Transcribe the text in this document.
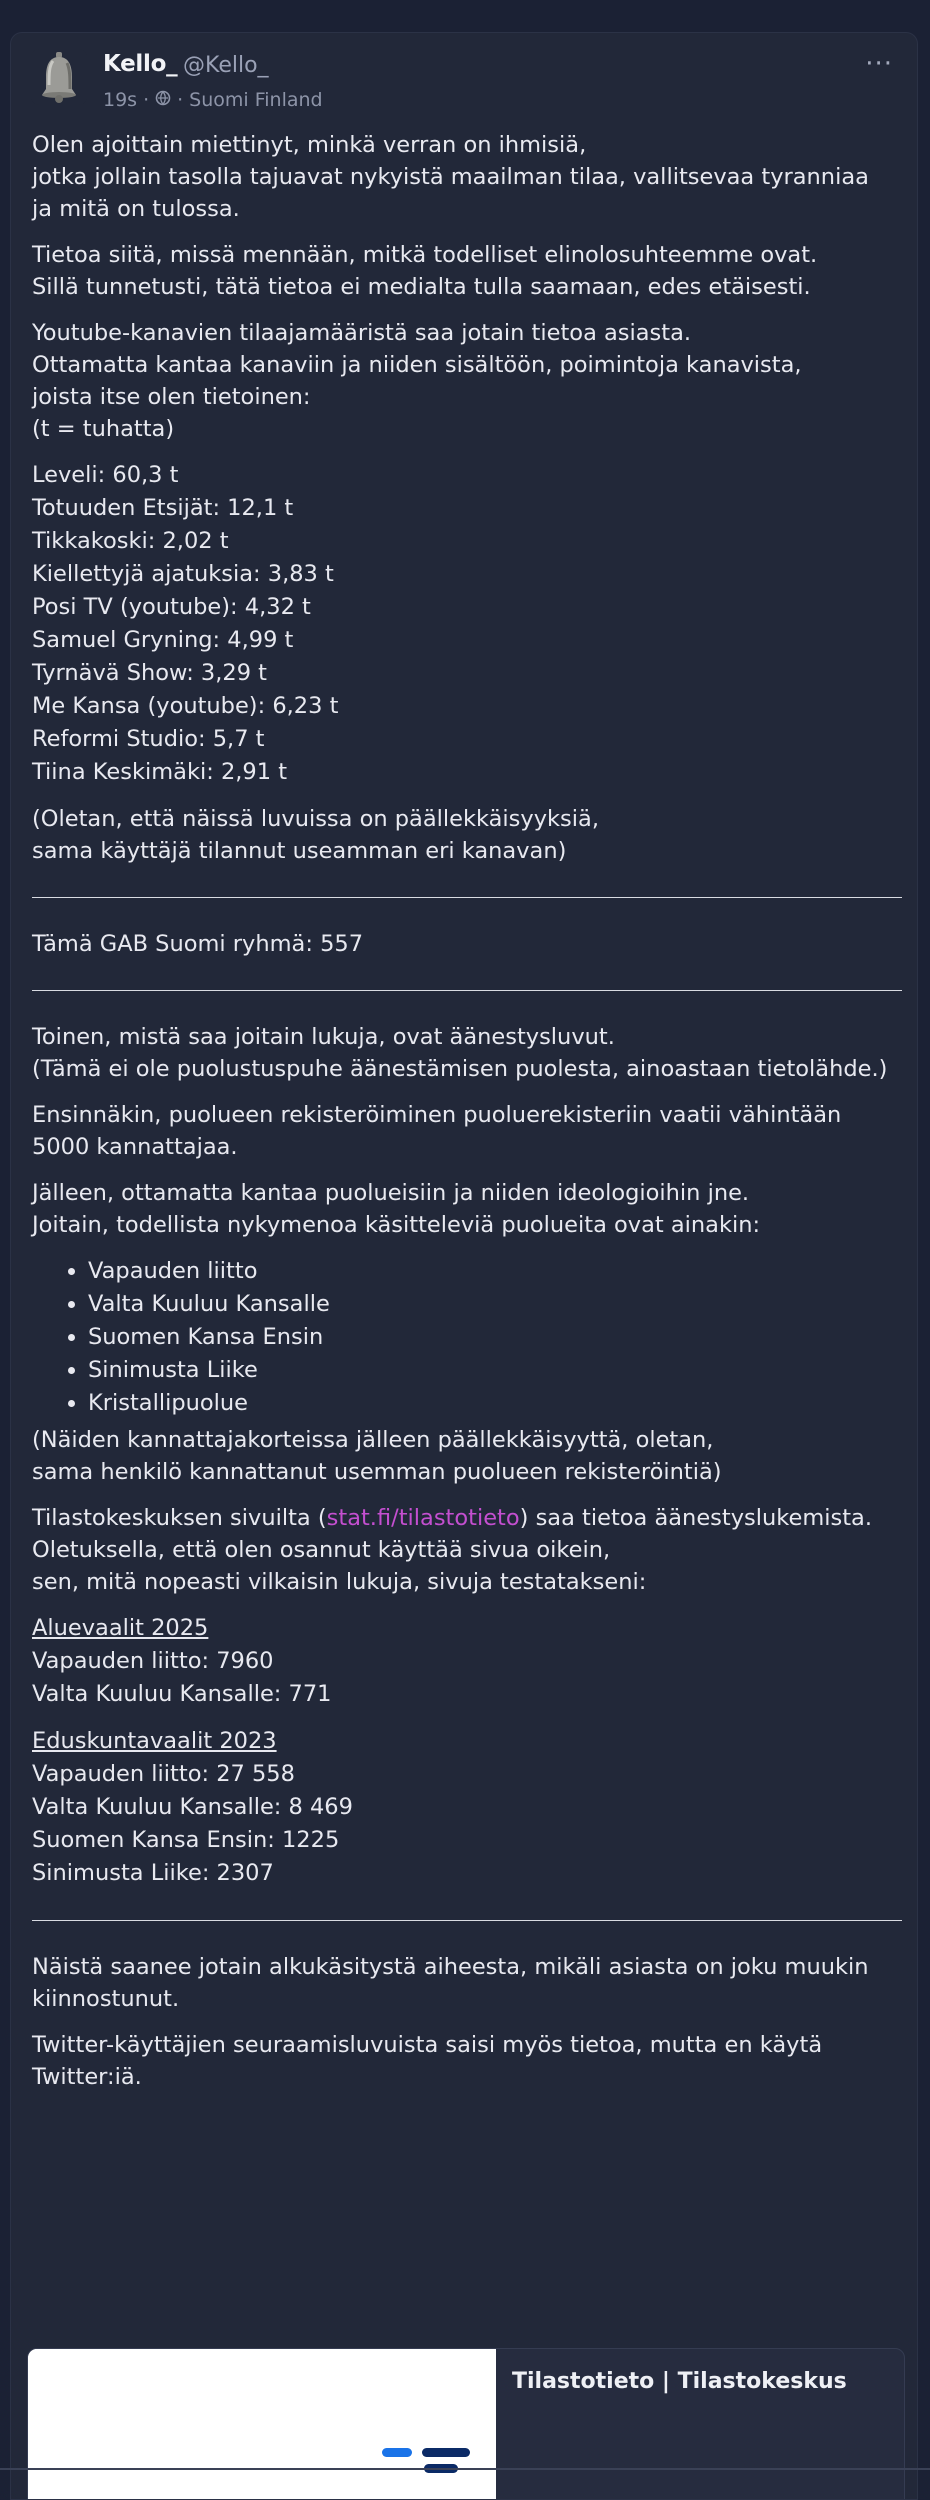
Kello_ @Kello_
19s · · Suomi Finland
···
Olen ajoittain miettinyt, minkä verran on ihmisiä,
jotka jollain tasolla tajuavat nykyistä maailman tilaa, vallitsevaa tyranniaa
ja mitä on tulossa.
Tietoa siitä, missä mennään, mitkä todelliset elinolosuhteemme ovat.
Sillä tunnetusti, tätä tietoa ei medialta tulla saamaan, edes etäisesti.
Youtube-kanavien tilaajamääristä saa jotain tietoa asiasta.
Ottamatta kantaa kanaviin ja niiden sisältöön, poimintoja kanavista,
joista itse olen tietoinen:
(t = tuhatta)
Leveli: 60,3 t
Totuuden Etsijät: 12,1 t
Tikkakoski: 2,02 t
Kiellettyjä ajatuksia: 3,83 t
Posi TV (youtube): 4,32 t
Samuel Gryning: 4,99 t
Tyrnävä Show: 3,29 t
Me Kansa (youtube): 6,23 t
Reformi Studio: 5,7 t
Tiina Keskimäki: 2,91 t
(Oletan, että näissä luvuissa on päällekkäisyyksiä,
sama käyttäjä tilannut useamman eri kanavan)
Tämä GAB Suomi ryhmä: 557
Toinen, mistä saa joitain lukuja, ovat äänestysluvut.
(Tämä ei ole puolustuspuhe äänestämisen puolesta, ainoastaan tietolähde.)
Ensinnäkin, puolueen rekisteröiminen puoluerekisteriin vaatii vähintään
5000 kannattajaa.
Jälleen, ottamatta kantaa puolueisiin ja niiden ideologioihin jne.
Joitain, todellista nykymenoa käsitteleviä puolueita ovat ainakin:
• Vapauden liitto
• Valta Kuuluu Kansalle
• Suomen Kansa Ensin
• Sinimusta Liike
• Kristallipuolue
(Näiden kannattajakorteissa jälleen päällekkäisyyttä, oletan,
sama henkilö kannattanut usemman puolueen rekisteröintiä)
Tilastokeskuksen sivuilta (stat.fi/tilastotieto) saa tietoa äänestyslukemista.
Oletuksella, että olen osannut käyttää sivua oikein,
sen, mitä nopeasti vilkaisin lukuja, sivuja testatakseni:
Aluevaalit 2025
Vapauden liitto: 7960
Valta Kuuluu Kansalle: 771
Eduskuntavaalit 2023
Vapauden liitto: 27 558
Valta Kuuluu Kansalle: 8 469
Suomen Kansa Ensin: 1225
Sinimusta Liike: 2307
Näistä saanee jotain alkukäsitystä aiheesta, mikäli asiasta on joku muukin
kiinnostunut.
Twitter-käyttäjien seuraamisluvuista saisi myös tietoa, mutta en käytä
Twitter:iä.
Tilastotieto | Tilastokeskus
